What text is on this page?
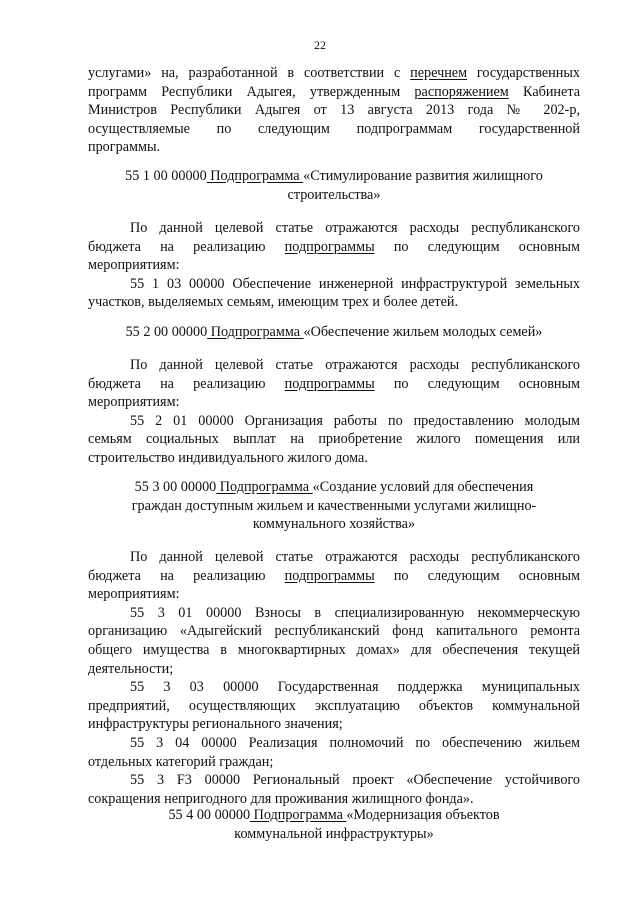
22
услугами» на, разработанной в соответствии с перечнем государственных
программ Республики Адыгея, утвержденным распоряжением Кабинета
Министров Республики Адыгея от 13 августа 2013 года № 202-р,
осуществляемые по следующим подпрограммам государственной
программы.
55 1 00 00000 Подпрограмма «Стимулирование развития жилищного
строительства»
По данной целевой статье отражаются расходы республиканского
бюджета на реализацию подпрограммы по следующим основным
мероприятиям:
55 1 03 00000 Обеспечение инженерной инфраструктурой земельных
участков, выделяемых семьям, имеющим трех и более детей.
55 2 00 00000 Подпрограмма «Обеспечение жильем молодых семей»
По данной целевой статье отражаются расходы республиканского
бюджета на реализацию подпрограммы по следующим основным
мероприятиям:
55 2 01 00000 Организация работы по предоставлению молодым
семьям социальных выплат на приобретение жилого помещения или
строительство индивидуального жилого дома.
55 3 00 00000 Подпрограмма «Создание условий для обеспечения
граждан доступным жильем и качественными услугами жилищно-
коммунального хозяйства»
По данной целевой статье отражаются расходы республиканского
бюджета на реализацию подпрограммы по следующим основным
мероприятиям:
55 3 01 00000 Взносы в специализированную некоммерческую
организацию «Адыгейский республиканский фонд капитального ремонта
общего имущества в многоквартирных домах» для обеспечения текущей
деятельности;
55 3 03 00000 Государственная поддержка муниципальных
предприятий, осуществляющих эксплуатацию объектов коммунальной
инфраструктуры регионального значения;
55 3 04 00000 Реализация полномочий по обеспечению жильем
отдельных категорий граждан;
55 3 F3 00000 Региональный проект «Обеспечение устойчивого
сокращения непригодного для проживания жилищного фонда».
55 4 00 00000 Подпрограмма «Модернизация объектов
коммунальной инфраструктуры»
